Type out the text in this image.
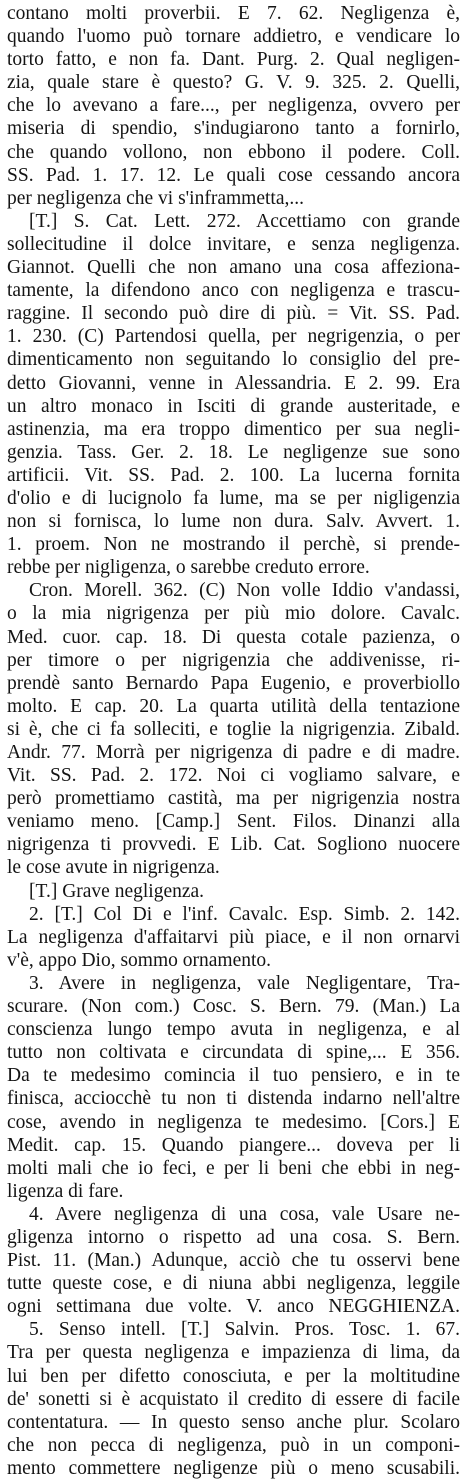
contano molti proverbii. E 7. 62. Negligenza è,
quando l'uomo può tornare addietro, e vendicare lo
torto fatto, e non fa. Dant. Purg. 2. Qual negligen-
zia, quale stare è questo? G. V. 9. 325. 2. Quelli,
che lo avevano a fare..., per negligenza, ovvero per
miseria di spendio, s'indugiarono tanto a fornirlo,
che quando vollono, non ebbono il podere. Coll.
SS. Pad. 1. 17. 12. Le quali cose cessando ancora
per negligenza che vi s'inframmetta,...
[T.] S. Cat. Lett. 272. Accettiamo con grande
sollecitudine il dolce invitare, e senza negligenza.
Giannot. Quelli che non amano una cosa affeziona-
tamente, la difendono anco con negligenza e trascu-
raggine. Il secondo può dire di più. = Vit. SS. Pad.
1. 230. (C) Partendosi quella, per negrigenzia, o per
dimenticamento non seguitando lo consiglio del pre-
detto Giovanni, venne in Alessandria. E 2. 99. Era
un altro monaco in Isciti di grande austeritade, e
astinenzia, ma era troppo dimentico per sua negli-
genzia. Tass. Ger. 2. 18. Le negligenze sue sono
artificii. Vit. SS. Pad. 2. 100. La lucerna fornita
d'olio e di lucignolo fa lume, ma se per nigligenzia
non si fornisca, lo lume non dura. Salv. Avvert. 1.
1. proem. Non ne mostrando il perchè, si prende-
rebbe per nigligenza, o sarebbe creduto errore.
Cron. Morell. 362. (C) Non volle Iddio v'andassi,
o la mia nigrigenza per più mio dolore. Cavalc.
Med. cuor. cap. 18. Di questa cotale pazienza, o
per timore o per nigrigenzia che addivenisse, ri-
prendè santo Bernardo Papa Eugenio, e proverbiollo
molto. E cap. 20. La quarta utilità della tentazione
si è, che ci fa solleciti, e toglie la nigrigenzia. Zibald.
Andr. 77. Morrà per nigrigenza di padre e di madre.
Vit. SS. Pad. 2. 172. Noi ci vogliamo salvare, e
però promettiamo castità, ma per nigrigenzia nostra
veniamo meno. [Camp.] Sent. Filos. Dinanzi alla
nigrigenza ti provvedi. E Lib. Cat. Sogliono nuocere
le cose avute in nigrigenza.
[T.] Grave negligenza.
2. [T.] Col Di e l'inf. Cavalc. Esp. Simb. 2. 142.
La negligenza d'affaitarvi più piace, e il non ornarvi
v'è, appo Dio, sommo ornamento.
3. Avere in negligenza, vale Negligentare, Tra-
scurare. (Non com.) Cosc. S. Bern. 79. (Man.) La
conscienza lungo tempo avuta in negligenza, e al
tutto non coltivata e circundata di spine,... E 356.
Da te medesimo comincia il tuo pensiero, e in te
finisca, acciocchè tu non ti distenda indarno nell'altre
cose, avendo in negligenza te medesimo. [Cors.] E
Medit. cap. 15. Quando piangere... doveva per li
molti mali che io feci, e per li beni che ebbi in neg-
ligenza di fare.
4. Avere negligenza di una cosa, vale Usare ne-
gligenza intorno o rispetto ad una cosa. S. Bern.
Pist. 11. (Man.) Adunque, acciò che tu osservi bene
tutte queste cose, e di niuna abbi negligenza, leggile
ogni settimana due volte. V. anco NEGGHIENZA.
5. Senso intell. [T.] Salvin. Pros. Tosc. 1. 67.
Tra per questa negligenza e impazienza di lima, da
lui ben per difetto conosciuta, e per la moltitudine
de' sonetti si è acquistato il credito di essere di facile
contentatura. — In questo senso anche plur. Scolaro
che non pecca di negligenza, può in un componi-
mento commettere negligenze più o meno scusabili.
